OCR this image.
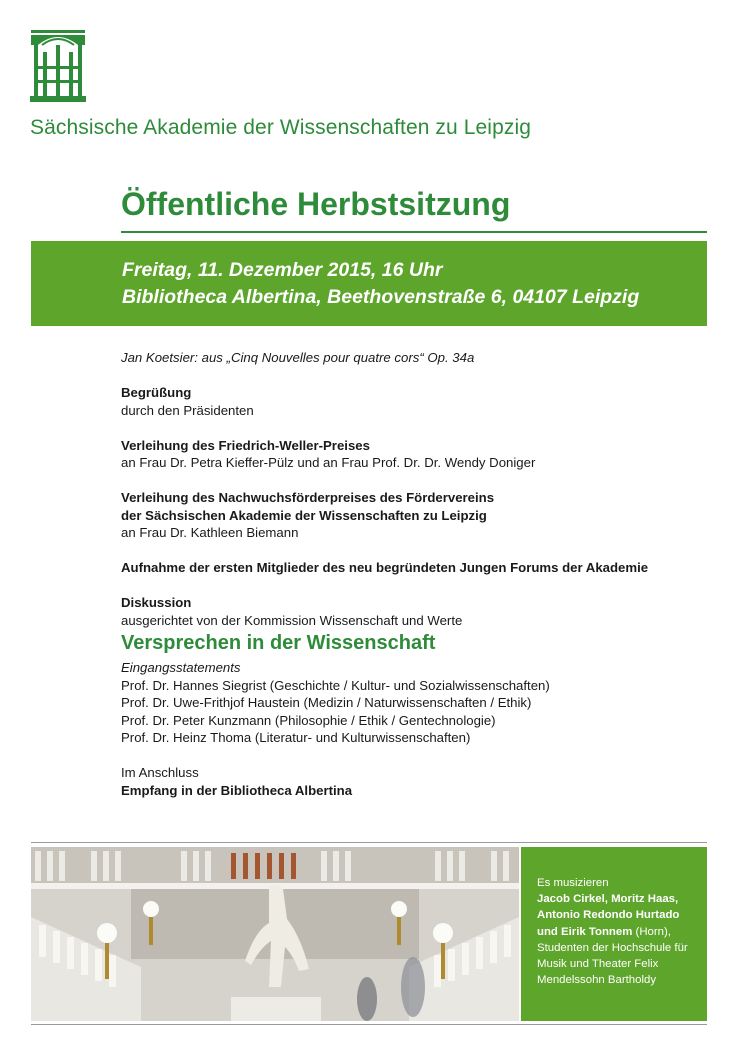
Sächsische Akademie der Wissenschaften zu Leipzig
Öffentliche Herbstsitzung
Freitag, 11. Dezember 2015, 16 Uhr
Bibliotheca Albertina, Beethovenstraße 6, 04107 Leipzig

Jan Koetsier: aus „Cinq Nouvelles pour quatre cors“ Op. 34a

Begrüßung

durch den Präsidenten

Verleihung des Friedrich-Weller-Preises

an Frau Dr. Petra Kieffer-Pülz und an Frau Prof. Dr. Dr. Wendy Doniger

Verleihung des Nachwuchsförderpreises des Fördervereins

der Sächsischen Akademie der Wissenschaften zu Leipzig

an Frau Dr. Kathleen Biemann

Aufnahme der ersten Mitglieder des neu begründeten Jungen Forums der Akademie

Diskussion

ausgerichtet von der Kommission Wissenschaft und Werte

Versprechen in der Wissenschaft

Eingangsstatements

Prof. Dr. Hannes Siegrist (Geschichte / Kultur- und Sozialwissenschaften)

Prof. Dr. Uwe-Frithjof Haustein (Medizin / Naturwissenschaften / Ethik)

Prof. Dr. Peter Kunzmann (Philosophie / Ethik / Gentechnologie)

Prof. Dr. Heinz Thoma (Literatur- und Kulturwissenschaften)

Im Anschluss

Empfang in der Bibliotheca Albertina

Es musizieren

Jacob Cirkel, Moritz Haas,

Antonio Redondo Hurtado

und Eirik Tonnem (Horn),

Studenten der Hochschule für

Musik und Theater Felix

Mendelssohn Bartholdy
